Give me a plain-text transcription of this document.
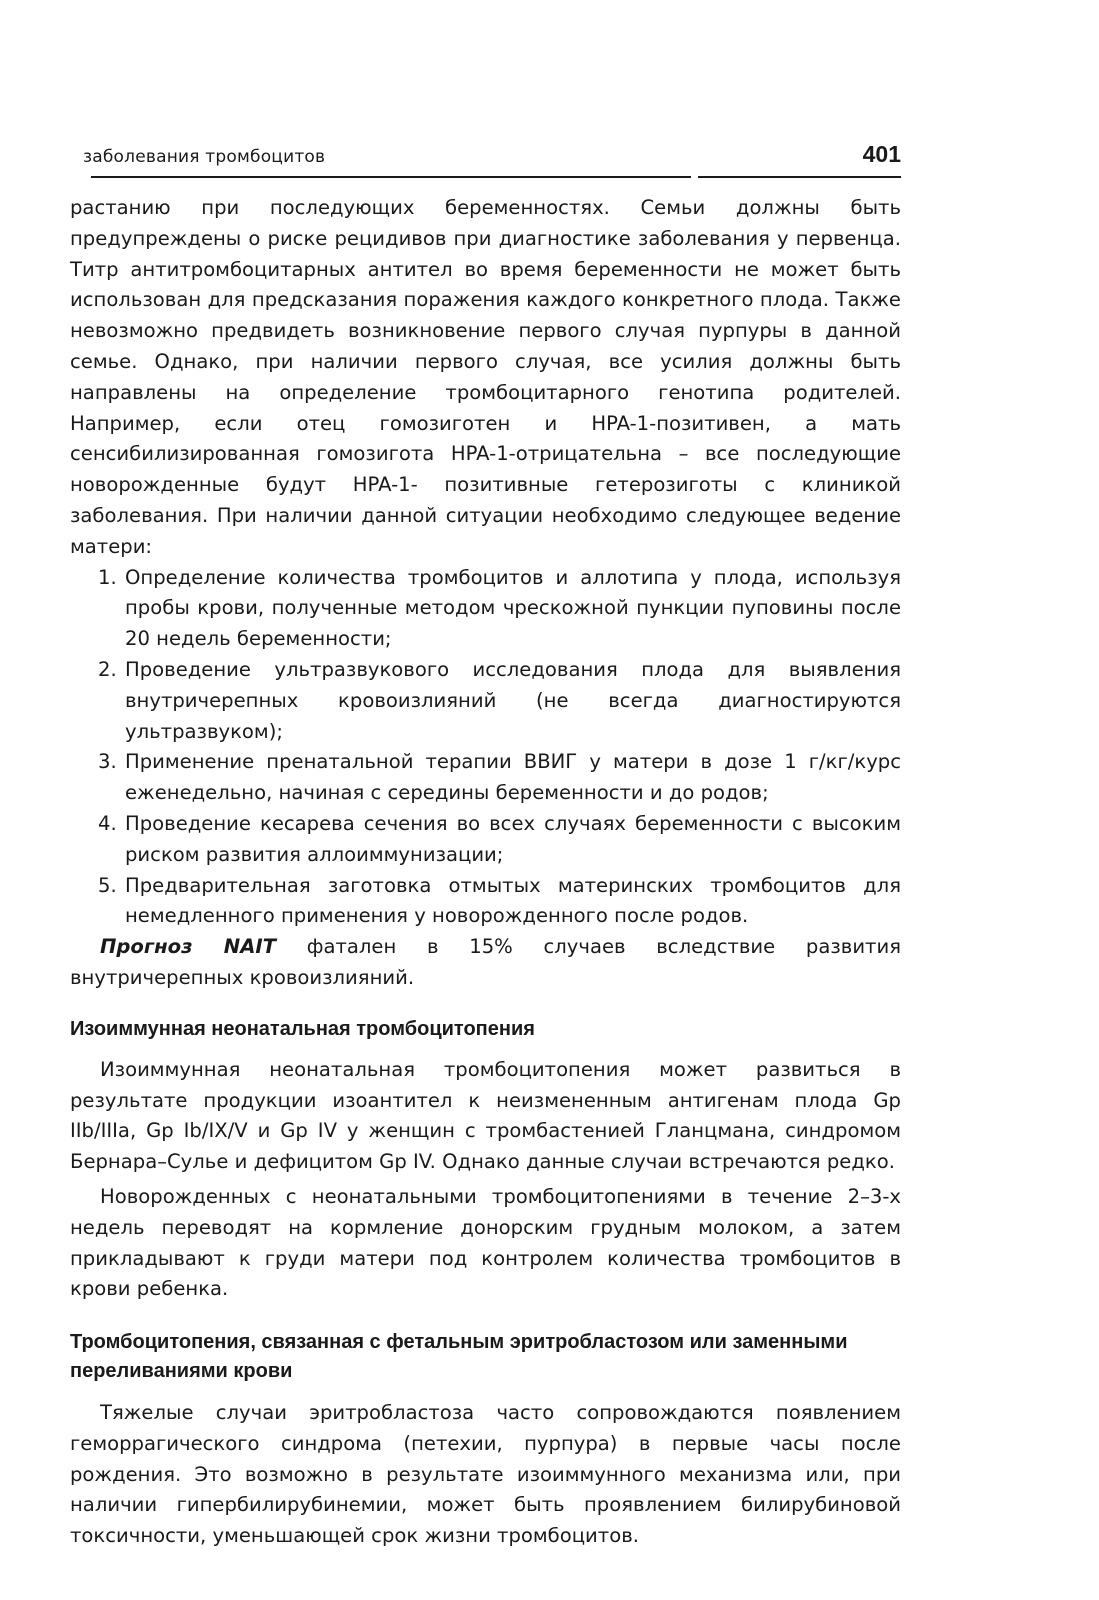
заболевания тромбоцитов	401

растанию при последующих беременностях. Семьи должны быть предупреждены о риске рецидивов при диагностике заболевания у первенца. Титр антитромбоцитарных антител во время беременности не может быть использован для предсказания поражения каждого конкретного плода. Также невозможно предвидеть возникновение первого случая пурпуры в данной семье. Однако, при наличии первого случая, все усилия должны быть направлены на определение тромбоцитарного генотипа родителей. Например, если отец гомозиготен и HPA-1-позитивен, а мать сенсибилизированная гомозигота HPA-1-отрицательна – все последующие новорожденные будут HPA-1- позитивные гетерозиготы с клиникой заболевания. При наличии данной ситуации необходимо следующее ведение матери:

1. Определение количества тромбоцитов и аллотипа у плода, используя пробы крови, полученные методом чрескожной пункции пуповины после 20 недель беременности;
2. Проведение ультразвукового исследования плода для выявления внутричерепных кровоизлияний (не всегда диагностируются ультразвуком);
3. Применение пренатальной терапии ВВИГ у матери в дозе 1 г/кг/курс еженедельно, начиная с середины беременности и до родов;
4. Проведение кесарева сечения во всех случаях беременности с высоким риском развития аллоиммунизации;
5. Предварительная заготовка отмытых материнских тромбоцитов для немедленного применения у новорожденного после родов.

Прогноз NAIT фатален в 15% случаев вследствие развития внутричерепных кровоизлияний.

Изоиммунная неонатальная тромбоцитопения

Изоиммунная неонатальная тромбоцитопения может развиться в результате продукции изоантител к неизмененным антигенам плода Gp IIb/IIIa, Gp Ib/IX/V и Gp IV у женщин с тромбастенией Гланцмана, синдромом Бернара–Сулье и дефицитом Gp IV. Однако данные случаи встречаются редко.

Новорожденных с неонатальными тромбоцитопениями в течение 2–3-х недель переводят на кормление донорским грудным молоком, а затем прикладывают к груди матери под контролем количества тромбоцитов в крови ребенка.

Тромбоцитопения, связанная с фетальным эритробластозом или заменными переливаниями крови

Тяжелые случаи эритробластоза часто сопровождаются появлением геморрагического синдрома (петехии, пурпура) в первые часы после рождения. Это возможно в результате изоиммунного механизма или, при наличии гипербилирубинемии, может быть проявлением билирубиновой токсичности, уменьшающей срок жизни тромбоцитов.
